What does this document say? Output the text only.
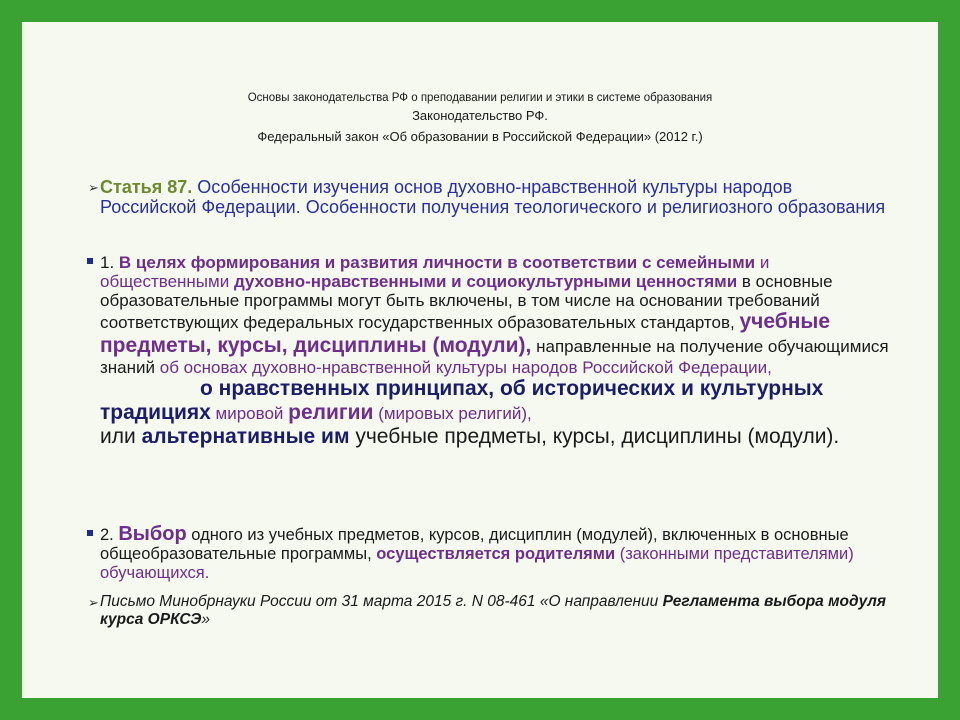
Основы законодательства РФ о преподавании религии и этики в системе образования
Законодательство РФ.
Федеральный закон «Об образовании в Российской Федерации» (2012 г.)
➢ Статья 87. Особенности изучения основ духовно-нравственной культуры народов Российской Федерации. Особенности получения теологического и религиозного образования
1. В целях формирования и развития личности в соответствии с семейными и общественными духовно-нравственными и социокультурными ценностями в основные образовательные программы могут быть включены, в том числе на основании требований соответствующих федеральных государственных образовательных стандартов, учебные предметы, курсы, дисциплины (модули), направленные на получение обучающимися знаний об основах духовно-нравственной культуры народов Российской Федерации,
о нравственных принципах, об исторических и культурных традициях мировой религии (мировых религий),
или альтернативные им учебные предметы, курсы, дисциплины (модули).
2. Выбор одного из учебных предметов, курсов, дисциплин (модулей), включенных в основные общеобразовательные программы, осуществляется родителями (законными представителями) обучающихся.
➢ Письмо Минобрнауки России от 31 марта 2015 г. N 08-461 «О направлении Регламента выбора модуля курса ОРКСЭ»
